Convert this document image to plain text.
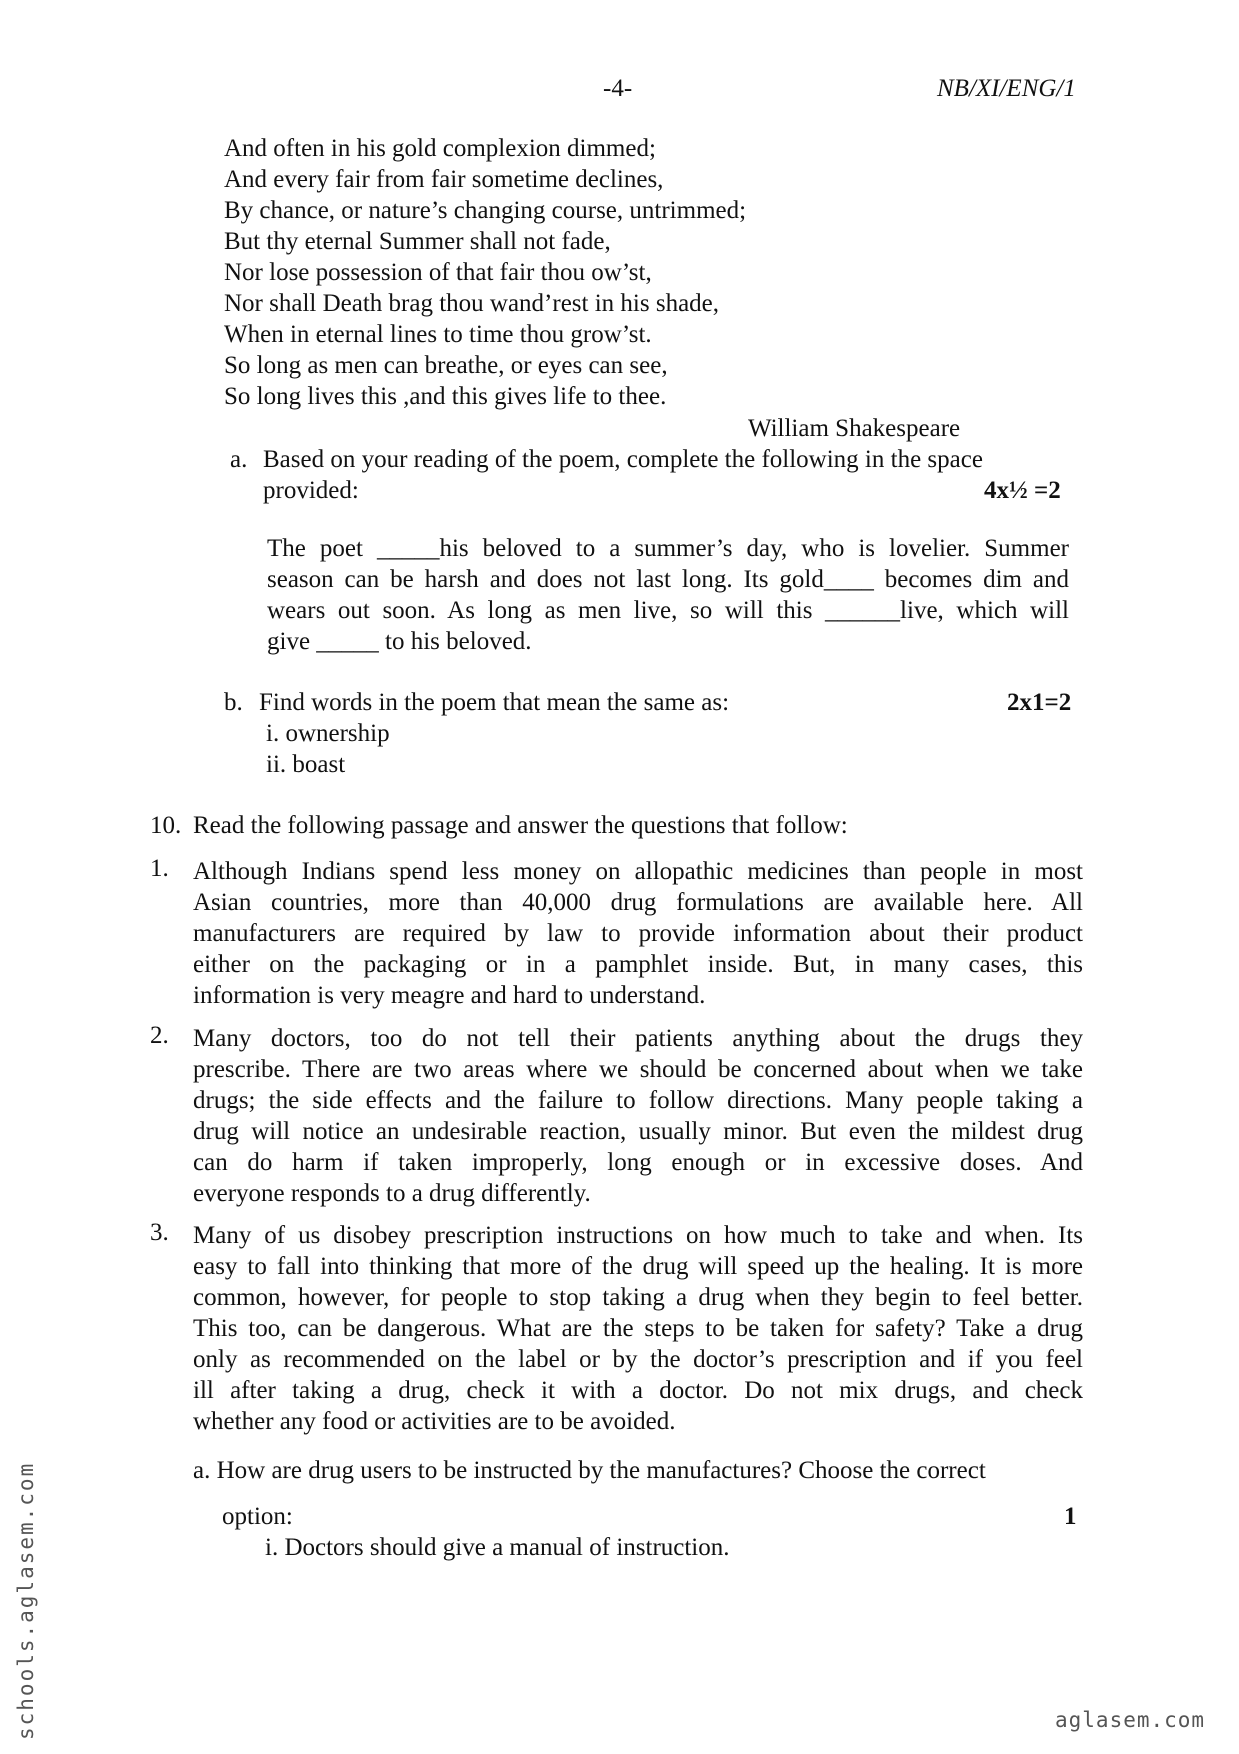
-4-	NB/XI/ENG/1
And often in his gold complexion dimmed;
And every fair from fair sometime declines,
By chance, or nature’s changing course, untrimmed;
But thy eternal Summer shall not fade,
Nor lose possession of that fair thou ow’st,
Nor shall Death brag thou wand’rest in his shade,
When in eternal lines to time thou grow’st.
So long as men can breathe, or eyes can see,
So long lives this ,and this gives life to thee.
William Shakespeare
a. Based on your reading of the poem, complete the following in the space
provided:	4x½ =2
The poet _____his beloved to a summer’s day, who is lovelier. Summer
season can be harsh and does not last long. Its gold____ becomes dim and
wears out soon. As long as men live, so will this ______live, which will
give _____ to his beloved.
b. Find words in the poem that mean the same as:	2x1=2
i. ownership
ii. boast
10. Read the following passage and answer the questions that follow:
1. Although Indians spend less money on allopathic medicines than people in most
Asian countries, more than 40,000 drug formulations are available here. All
manufacturers are required by law to provide information about their product
either on the packaging or in a pamphlet inside. But, in many cases, this
information is very meagre and hard to understand.
2. Many doctors, too do not tell their patients anything about the drugs they
prescribe. There are two areas where we should be concerned about when we take
drugs; the side effects and the failure to follow directions. Many people taking a
drug will notice an undesirable reaction, usually minor. But even the mildest drug
can do harm if taken improperly, long enough or in excessive doses. And
everyone responds to a drug differently.
3. Many of us disobey prescription instructions on how much to take and when. Its
easy to fall into thinking that more of the drug will speed up the healing. It is more
common, however, for people to stop taking a drug when they begin to feel better.
This too, can be dangerous. What are the steps to be taken for safety? Take a drug
only as recommended on the label or by the doctor’s prescription and if you feel
ill after taking a drug, check it with a doctor. Do not mix drugs, and check
whether any food or activities are to be avoided.
a. How are drug users to be instructed by the manufactures? Choose the correct
option:	1
i. Doctors should give a manual of instruction.
schools.aglasem.com	aglasem.com
